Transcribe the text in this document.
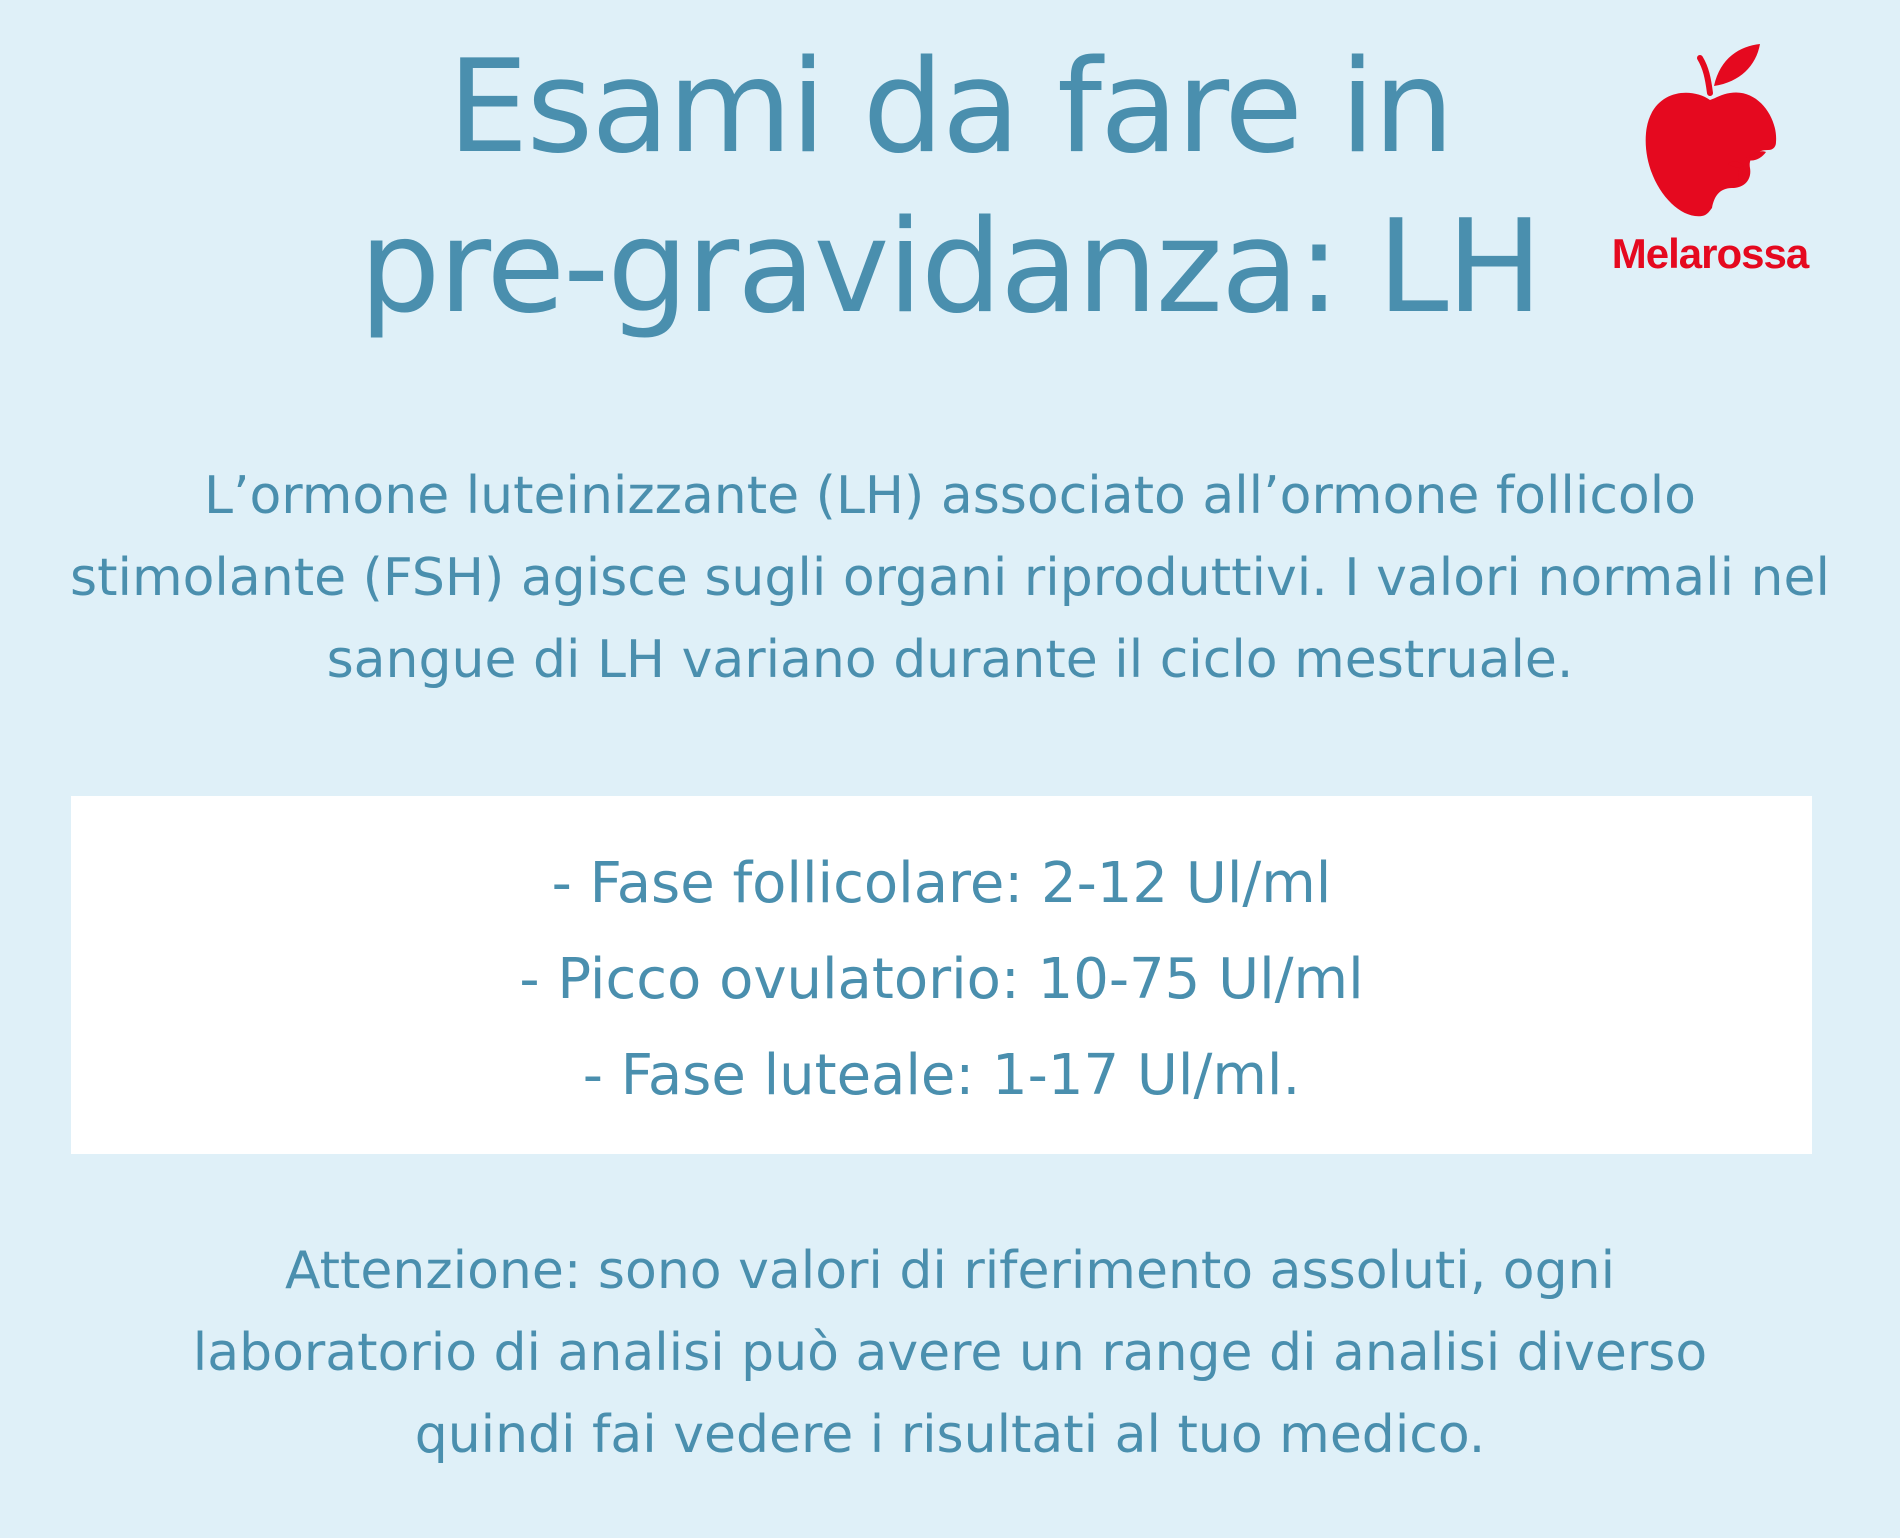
Esami da fare in
pre-gravidanza: LH	Melarossa
L’ormone luteinizzante (LH) associato all’ormone follicolo
stimolante (FSH) agisce sugli organi riproduttivi. I valori normali nel
sangue di LH variano durante il ciclo mestruale.
- Fase follicolare: 2-12 Ul/ml
- Picco ovulatorio: 10-75 Ul/ml
- Fase luteale: 1-17 Ul/ml.
Attenzione: sono valori di riferimento assoluti, ogni
laboratorio di analisi può avere un range di analisi diverso
quindi fai vedere i risultati al tuo medico.
